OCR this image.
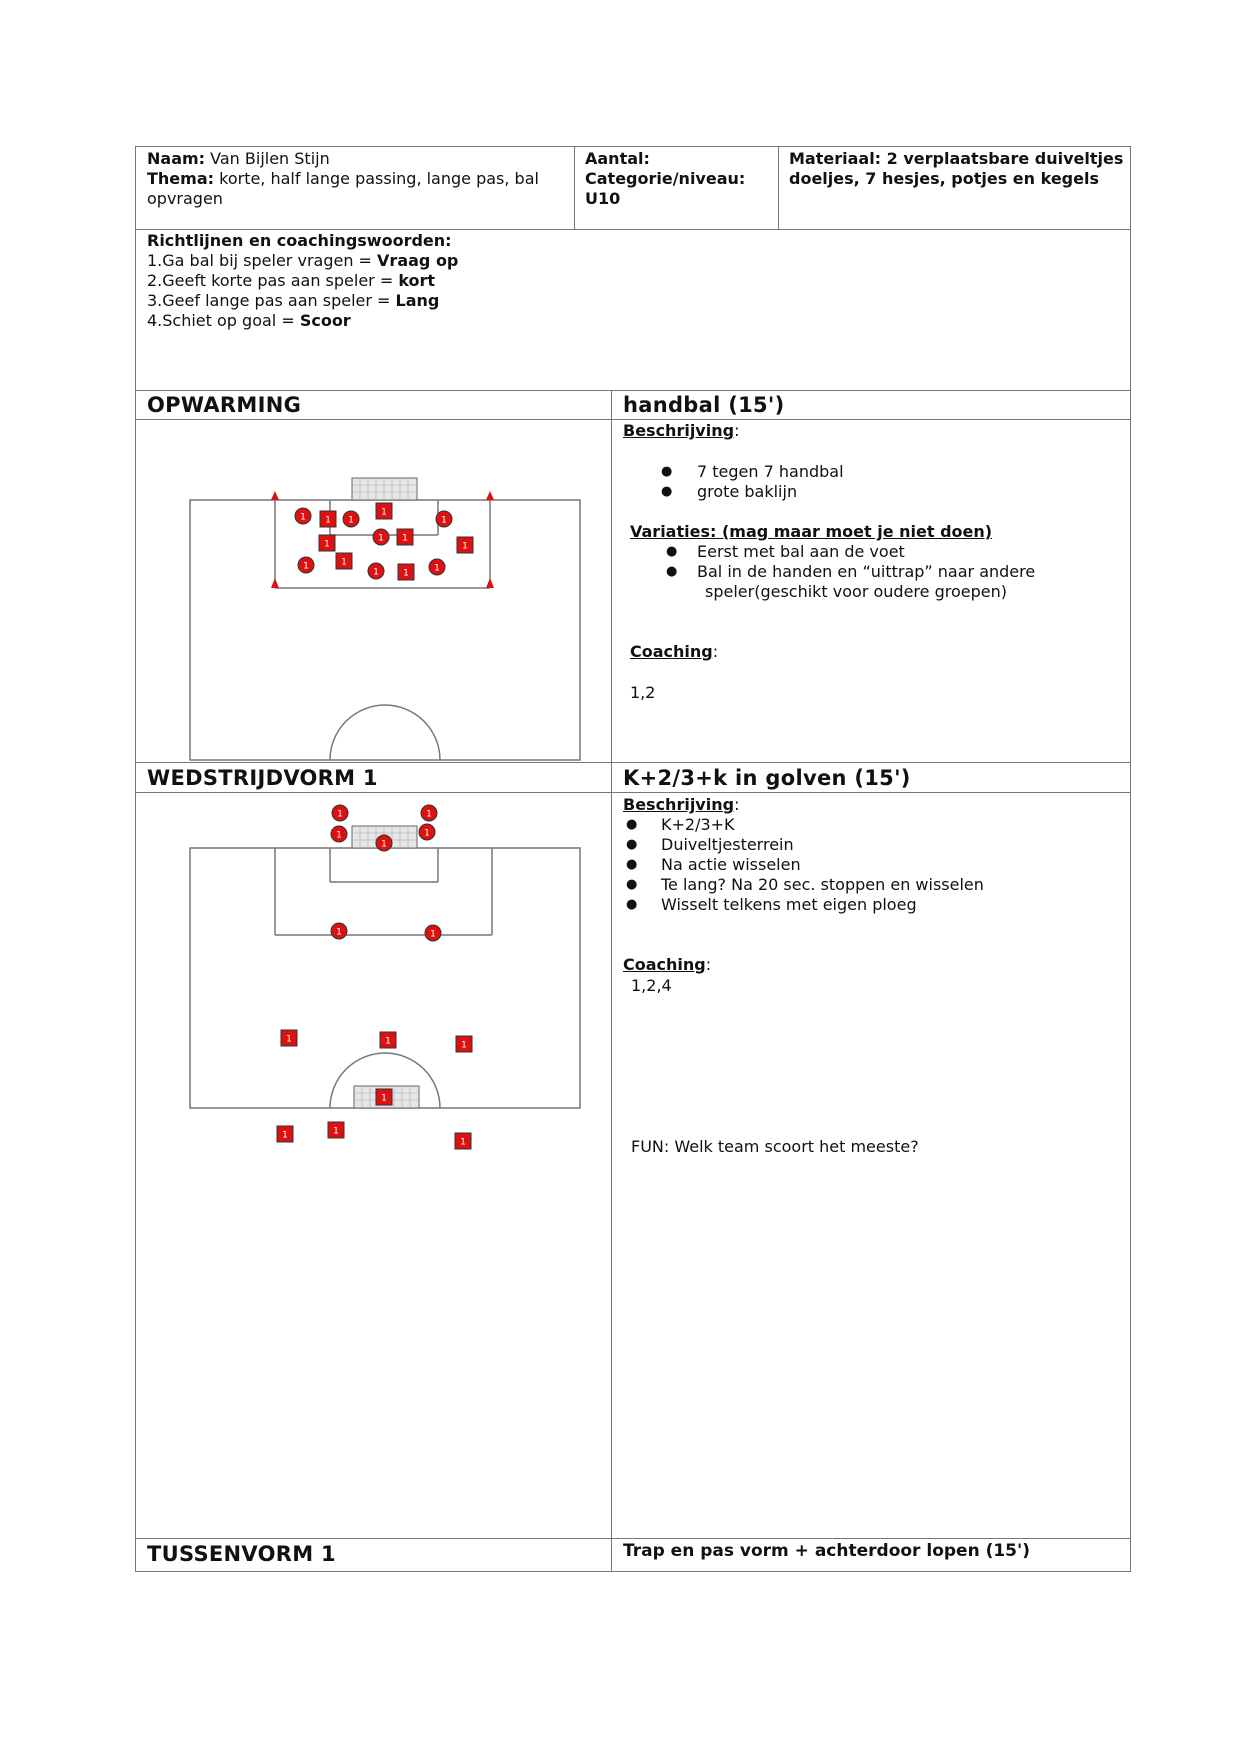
Naam: Van Bijlen Stijn
Thema: korte, half lange passing, lange pas, bal opvragen
Aantal:
Categorie/niveau:
U10
Materiaal: 2 verplaatsbare duiveltjes doeljes, 7 hesjes, potjes en kegels
Richtlijnen en coachingswoorden:
1.Ga bal bij speler vragen = Vraag op
2.Geeft korte pas aan speler = kort
3.Geef lange pas aan speler = Lang
4.Schiet op goal = Scoor
OPWARMING	handbal (15')
Beschrijving:
● 7 tegen 7 handbal
● grote baklijn
Variaties: (mag maar moet je niet doen)
● Eerst met bal aan de voet
● Bal in de handen en “uittrap” naar andere
speler(geschikt voor oudere groepen)
Coaching:
1,2
1 1 1
1
1
1
1 1
1
1	1
1	1	1
WEDSTRIJDVORM 1	K+2/3+k in golven (15')
Beschrijving:
● K+2/3+K
● Duiveltjesterrein
● Na actie wisselen
● Te lang? Na 20 sec. stoppen en wisselen
● Wisselt telkens met eigen ploeg
Coaching:
1,2,4
FUN: Welk team scoort het meeste?
1	1
1	1
1
1	1
1	1	1
1
1	1
1
TUSSENVORM 1	Trap en pas vorm + achterdoor lopen (15')
